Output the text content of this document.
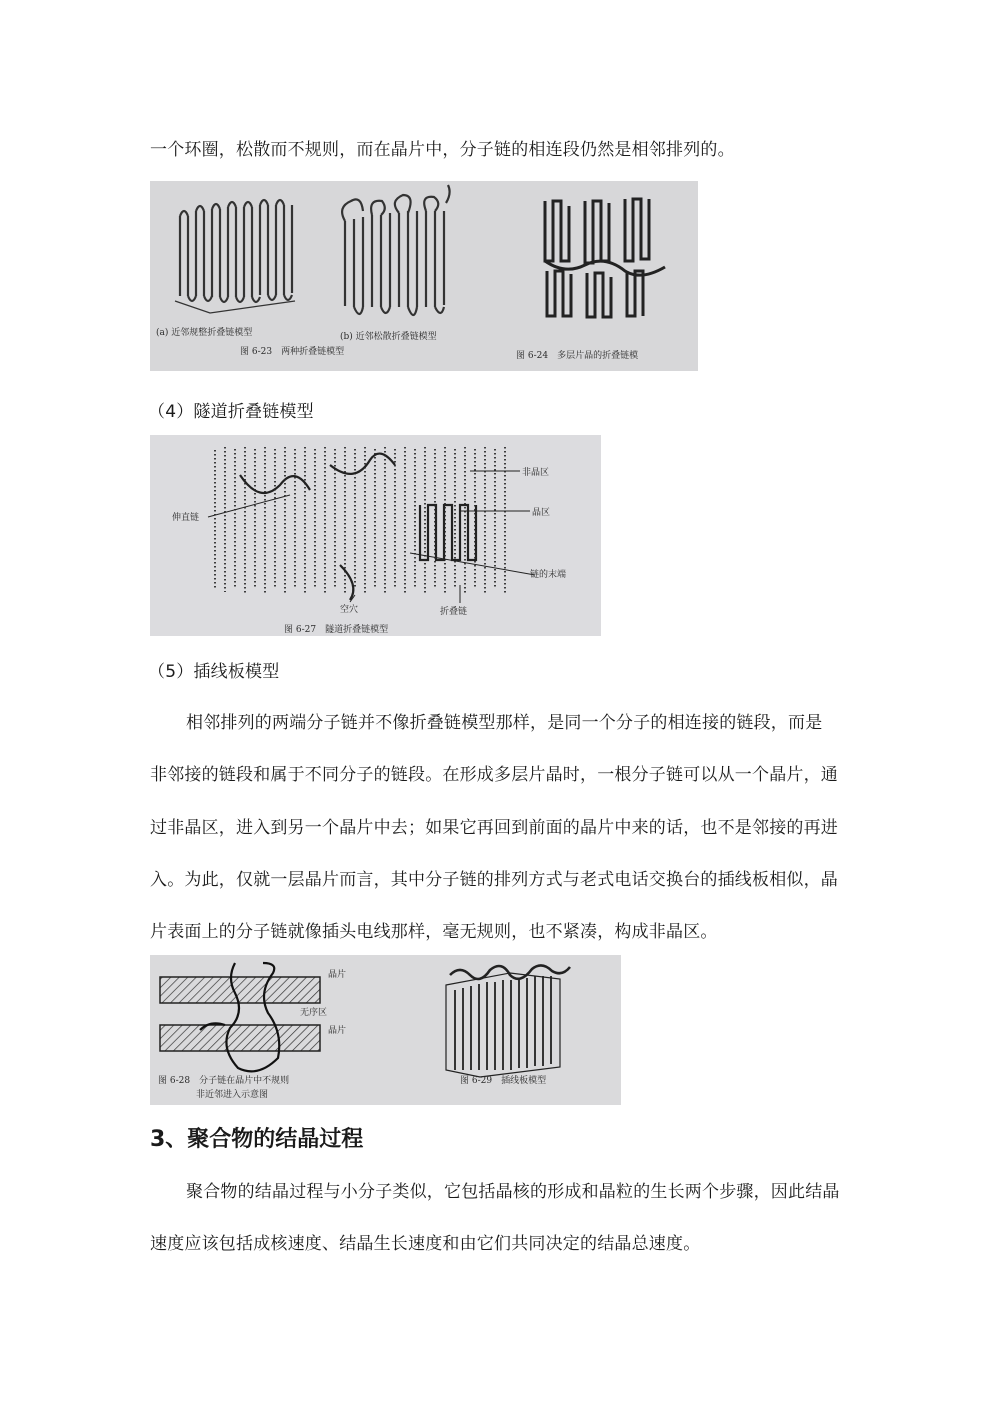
一个环圈，松散而不规则，而在晶片中，分子链的相连段仍然是相邻排列的。
(a) 近邻规整折叠链模型	(b) 近邻松散折叠链模型
图 6-23　两种折叠链模型	图 6-24　多层片晶的折叠链模
（4）隧道折叠链模型
非晶区
晶区
伸直链
链的末端
空穴	折叠链
图 6-27　隧道折叠链模型
（5）插线板模型
相邻排列的两端分子链并不像折叠链模型那样，是同一个分子的相连接的链段，而是
非邻接的链段和属于不同分子的链段。在形成多层片晶时，一根分子链可以从一个晶片，通
过非晶区，进入到另一个晶片中去；如果它再回到前面的晶片中来的话，也不是邻接的再进
入。为此，仅就一层晶片而言，其中分子链的排列方式与老式电话交换台的插线板相似，晶
片表面上的分子链就像插头电线那样，毫无规则，也不紧凑，构成非晶区。
晶片
无序区
晶片
图 6-28　分子链在晶片中不规则
非近邻进入示意图
图 6-29　插线板模型
3、聚合物的结晶过程
聚合物的结晶过程与小分子类似，它包括晶核的形成和晶粒的生长两个步骤，因此结晶
速度应该包括成核速度、结晶生长速度和由它们共同决定的结晶总速度。
